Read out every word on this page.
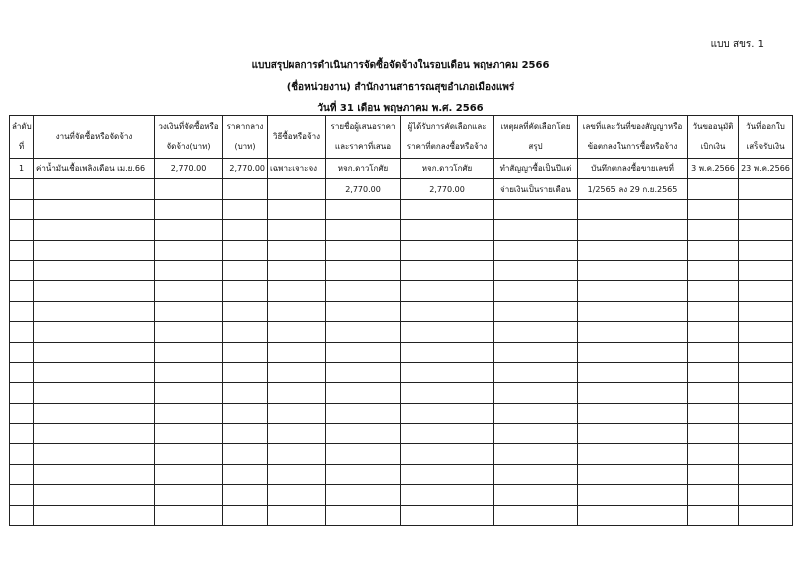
แบบ สขร. 1
แบบสรุปผลการดำเนินการจัดซื้อจัดจ้างในรอบเดือน พฤษภาคม 2566
(ชื่อหน่วยงาน) สำนักงานสาธารณสุขอำเภอเมืองแพร่
วันที่ 31 เดือน พฤษภาคม พ.ศ. 2566
ลำดับที่	งานที่จัดซื้อหรือจัดจ้าง	วงเงินที่จัดซื้อหรือจัดจ้าง(บาท)	ราคากลาง (บาท)	วิธีซื้อหรือจ้าง	รายชื่อผู้เสนอราคาและราคาที่เสนอ	ผู้ได้รับการคัดเลือกและราคาที่ตกลงซื้อหรือจ้าง	เหตุผลที่คัดเลือกโดยสรุป	เลขที่และวันที่ของสัญญาหรือข้อตกลงในการซื้อหรือจ้าง	วันขออนุมัติเบิกเงิน	วันที่ออกใบเสร็จรับเงิน
1	ค่าน้ำมันเชื้อเพลิงเดือน เม.ย.66	2,770.00	2,770.00	เฉพาะเจาะจง	หจก.ดาวโกศัย	หจก.ดาวโกศัย	ทำสัญญาซื้อเป็นปีแต่	บันทึกตกลงซื้อขายเลขที่	3 พ.ค.2566	23 พ.ค.2566
					2,770.00	2,770.00	จ่ายเงินเป็นรายเดือน	1/2565 ลง 29 ก.ย.2565		
